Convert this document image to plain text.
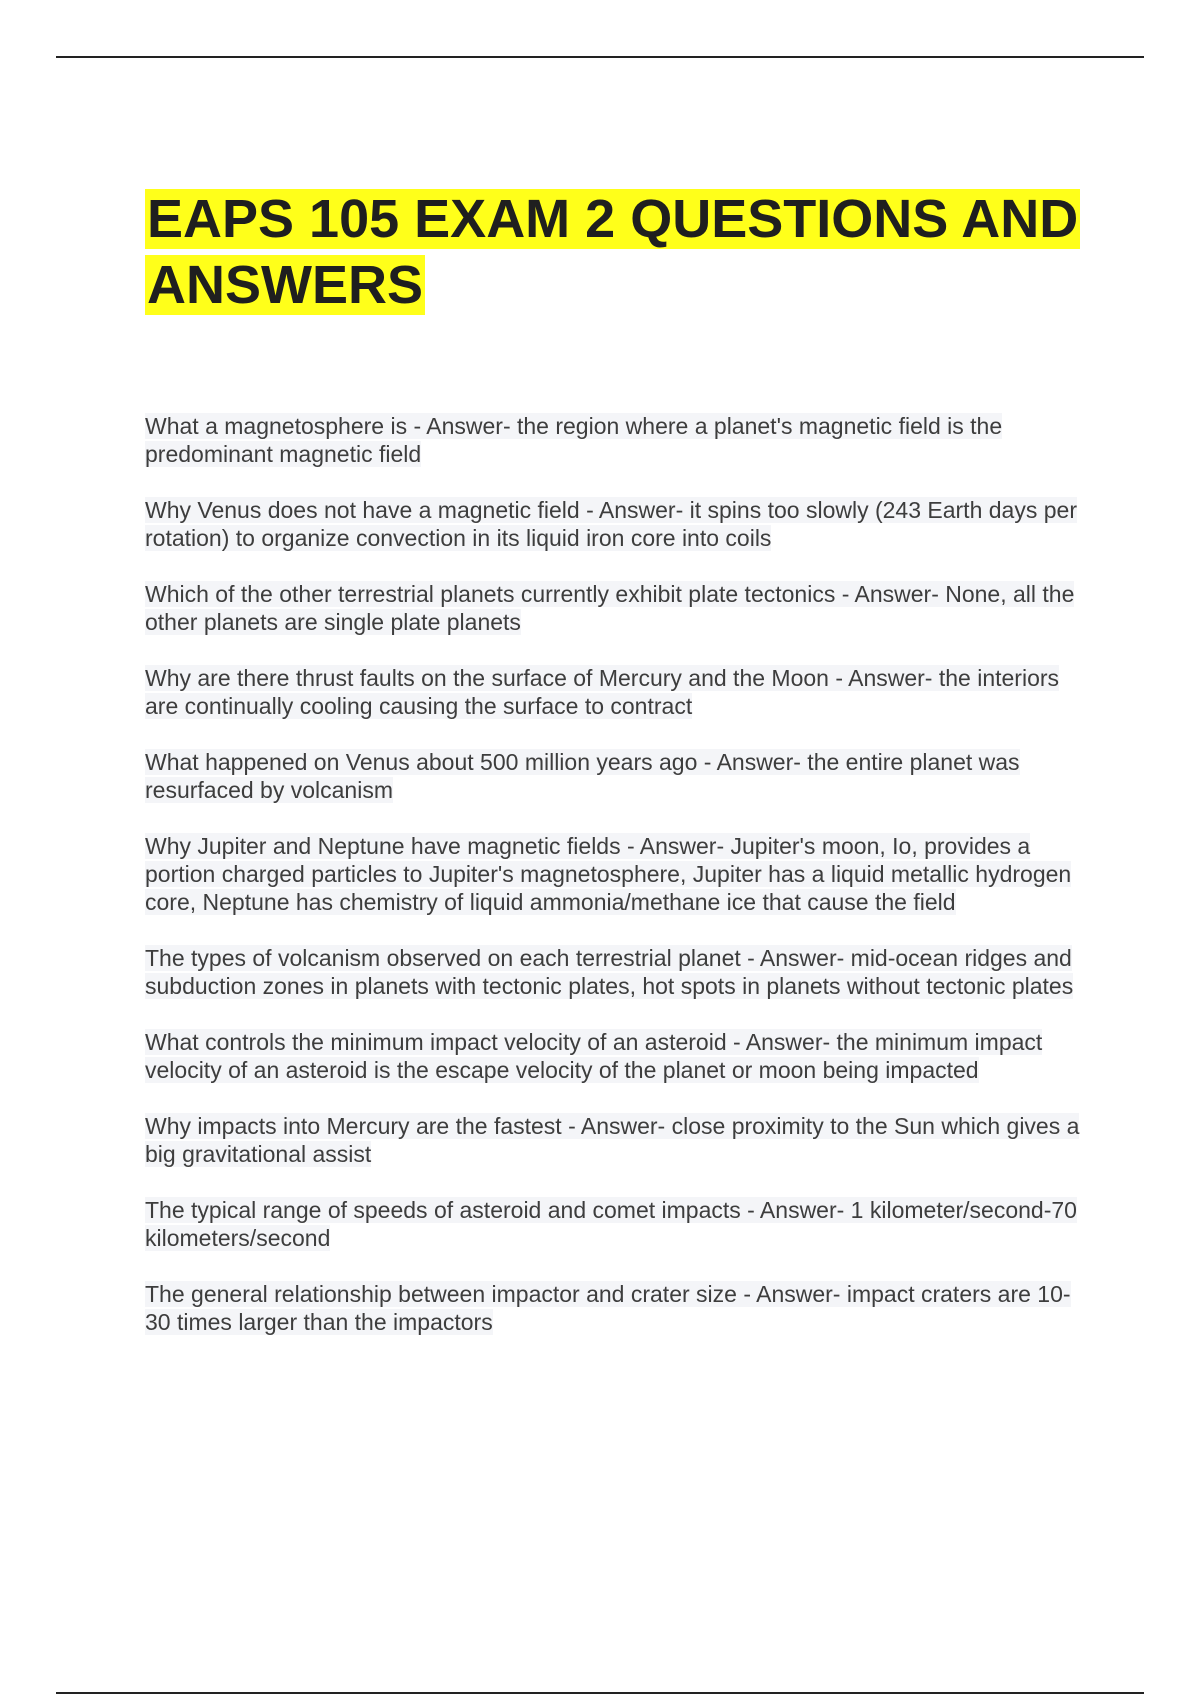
EAPS 105 EXAM 2 QUESTIONS AND ANSWERS
What a magnetosphere is - Answer- the region where a planet's magnetic field is the predominant magnetic field
Why Venus does not have a magnetic field - Answer- it spins too slowly (243 Earth days per rotation) to organize convection in its liquid iron core into coils
Which of the other terrestrial planets currently exhibit plate tectonics - Answer- None, all the other planets are single plate planets
Why are there thrust faults on the surface of Mercury and the Moon - Answer- the interiors are continually cooling causing the surface to contract
What happened on Venus about 500 million years ago - Answer- the entire planet was resurfaced by volcanism
Why Jupiter and Neptune have magnetic fields - Answer- Jupiter's moon, Io, provides a portion charged particles to Jupiter's magnetosphere, Jupiter has a liquid metallic hydrogen core, Neptune has chemistry of liquid ammonia/methane ice that cause the field
The types of volcanism observed on each terrestrial planet - Answer- mid-ocean ridges and subduction zones in planets with tectonic plates, hot spots in planets without tectonic plates
What controls the minimum impact velocity of an asteroid - Answer- the minimum impact velocity of an asteroid is the escape velocity of the planet or moon being impacted
Why impacts into Mercury are the fastest - Answer- close proximity to the Sun which gives a big gravitational assist
The typical range of speeds of asteroid and comet impacts - Answer- 1 kilometer/second-70 kilometers/second
The general relationship between impactor and crater size - Answer- impact craters are 10-30 times larger than the impactors
